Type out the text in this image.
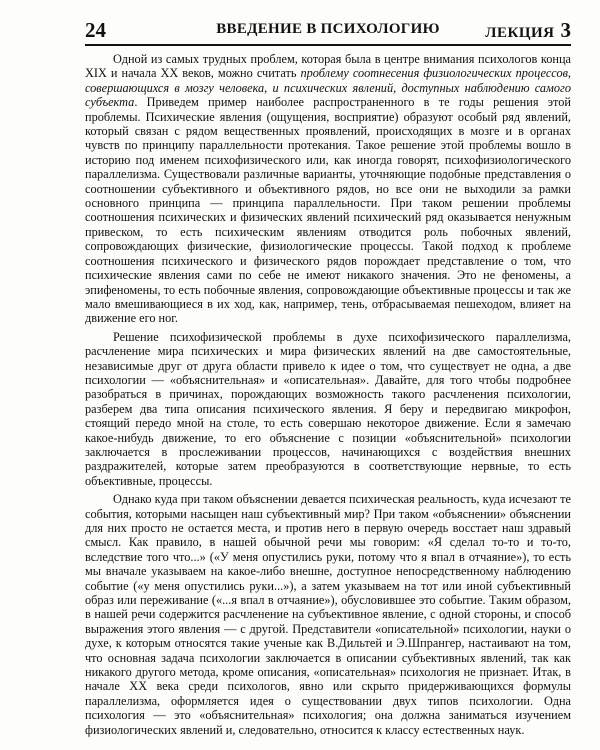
24	ВВЕДЕНИЕ В ПСИХОЛОГИЮ	ЛЕКЦИЯ 3

Одной из самых трудных проблем, которая была в центре внимания психологов конца XIX и начала XX веков, можно считать проблему соотнесения физиологических процессов, совершающихся в мозгу человека, и психических явлений, доступных наблюдению самого субъекта. Приведем пример наиболее распространенного в те годы решения этой проблемы. Психические явления (ощущения, восприятие) образуют особый ряд явлений, который связан с рядом вещественных проявлений, происходящих в мозге и в органах чувств по принципу параллельности протекания. Такое решение этой проблемы вошло в историю под именем психофизического или, как иногда говорят, психофизиологического параллелизма. Существовали различные варианты, уточняющие подобные представления о соотношении субъективного и объективного рядов, но все они не выходили за рамки основного принципа — принципа параллельности. При таком решении проблемы соотношения психических и физических явлений психический ряд оказывается ненужным привеском, то есть психическим явлениям отводится роль побочных явлений, сопровождающих физические, физиологические процессы. Такой подход к проблеме соотношения психического и физического рядов порождает представление о том, что психические явления сами по себе не имеют никакого значения. Это не феномены, а эпифеномены, то есть побочные явления, сопровождающие объективные процессы и так же мало вмешивающиеся в их ход, как, например, тень, отбрасываемая пешеходом, влияет на движение его ног.

Решение психофизической проблемы в духе психофизического параллелизма, расчленение мира психических и мира физических явлений на две самостоятельные, независимые друг от друга области привело к идее о том, что существует не одна, а две психологии — «объяснительная» и «описательная». Давайте, для того чтобы подробнее разобраться в причинах, порождающих возможность такого расчленения психологии, разберем два типа описания психического явления. Я беру и передвигаю микрофон, стоящий передо мной на столе, то есть совершаю некоторое движение. Если я замечаю какое-нибудь движение, то его объяснение с позиции «объяснительной» психологии заключается в прослеживании процессов, начинающихся с воздействия внешних раздражителей, которые затем преобразуются в соответствующие нервные, то есть объективные, процессы.

Однако куда при таком объяснении девается психическая реальность, куда исчезают те события, которыми насыщен наш субъективный мир? При таком «объяснении» объяснении для них просто не остается места, и против него в первую очередь восстает наш здравый смысл. Как правило, в нашей обычной речи мы говорим: «Я сделал то-то и то-то, вследствие того что...» («У меня опустились руки, потому что я впал в отчаяние»), то есть мы вначале указываем на какое-либо внешне, доступное непосредственному наблюдению событие («у меня опустились руки...»), а затем указываем на тот или иной субъективный образ или переживание («...я впал в отчаяние»), обусловившее это событие. Таким образом, в нашей речи содержится расчленение на субъективное явление, с одной стороны, и способ выражения этого явления — с другой. Представители «описательной» психологии, науки о духе, к которым относятся такие ученые как В.Дильтей и Э.Шпрангер, настаивают на том, что основная задача психологии заключается в описании субъективных явлений, так как никакого другого метода, кроме описания, «описательная» психология не признает. Итак, в начале XX века среди психологов, явно или скрыто придерживающихся формулы параллелизма, оформляется идея о существовании двух типов психологии. Одна психология — это «объяснительная» психология; она должна заниматься изучением физиологических явлений и, следовательно, относится к классу естественных наук.
